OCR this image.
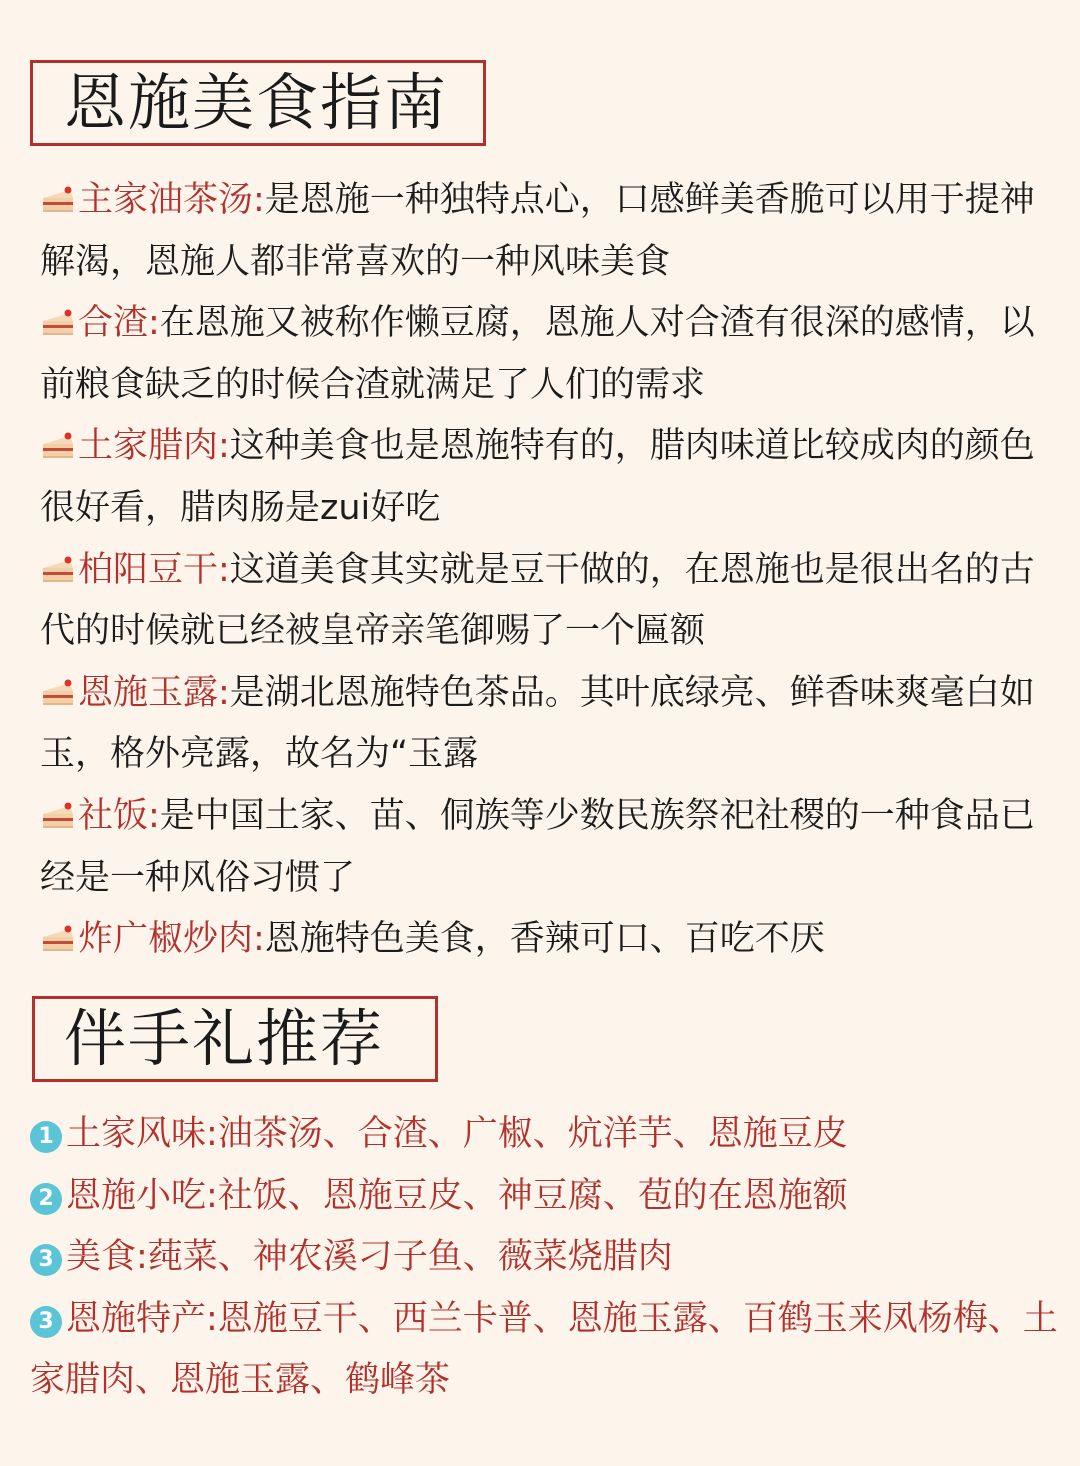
恩施美食指南

主家油茶汤:是恩施一种独特点心，口感鲜美香脆可以用于提神解渴，恩施人都非常喜欢的一种风味美食

合渣:在恩施又被称作懒豆腐，恩施人对合渣有很深的感情，以前粮食缺乏的时候合渣就满足了人们的需求

土家腊肉:这种美食也是恩施特有的，腊肉味道比较成肉的颜色很好看，腊肉肠是zui好吃

柏阳豆干:这道美食其实就是豆干做的，在恩施也是很出名的古代的时候就已经被皇帝亲笔御赐了一个匾额

恩施玉露:是湖北恩施特色茶品。其叶底绿亮、鲜香味爽毫白如玉，格外亮露，故名为“玉露

社饭:是中国土家、苗、侗族等少数民族祭祀社稷的一种食品已经是一种风俗习惯了

炸广椒炒肉:恩施特色美食，香辣可口、百吃不厌

伴手礼推荐

1 土家风味:油茶汤、合渣、广椒、炕洋芋、恩施豆皮

2 恩施小吃:社饭、恩施豆皮、神豆腐、苞的在恩施额

3 美食:莼菜、神农溪刁子鱼、薇菜烧腊肉

3 恩施特产:恩施豆干、西兰卡普、恩施玉露、百鹤玉来凤杨梅、土家腊肉、恩施玉露、鹤峰茶
